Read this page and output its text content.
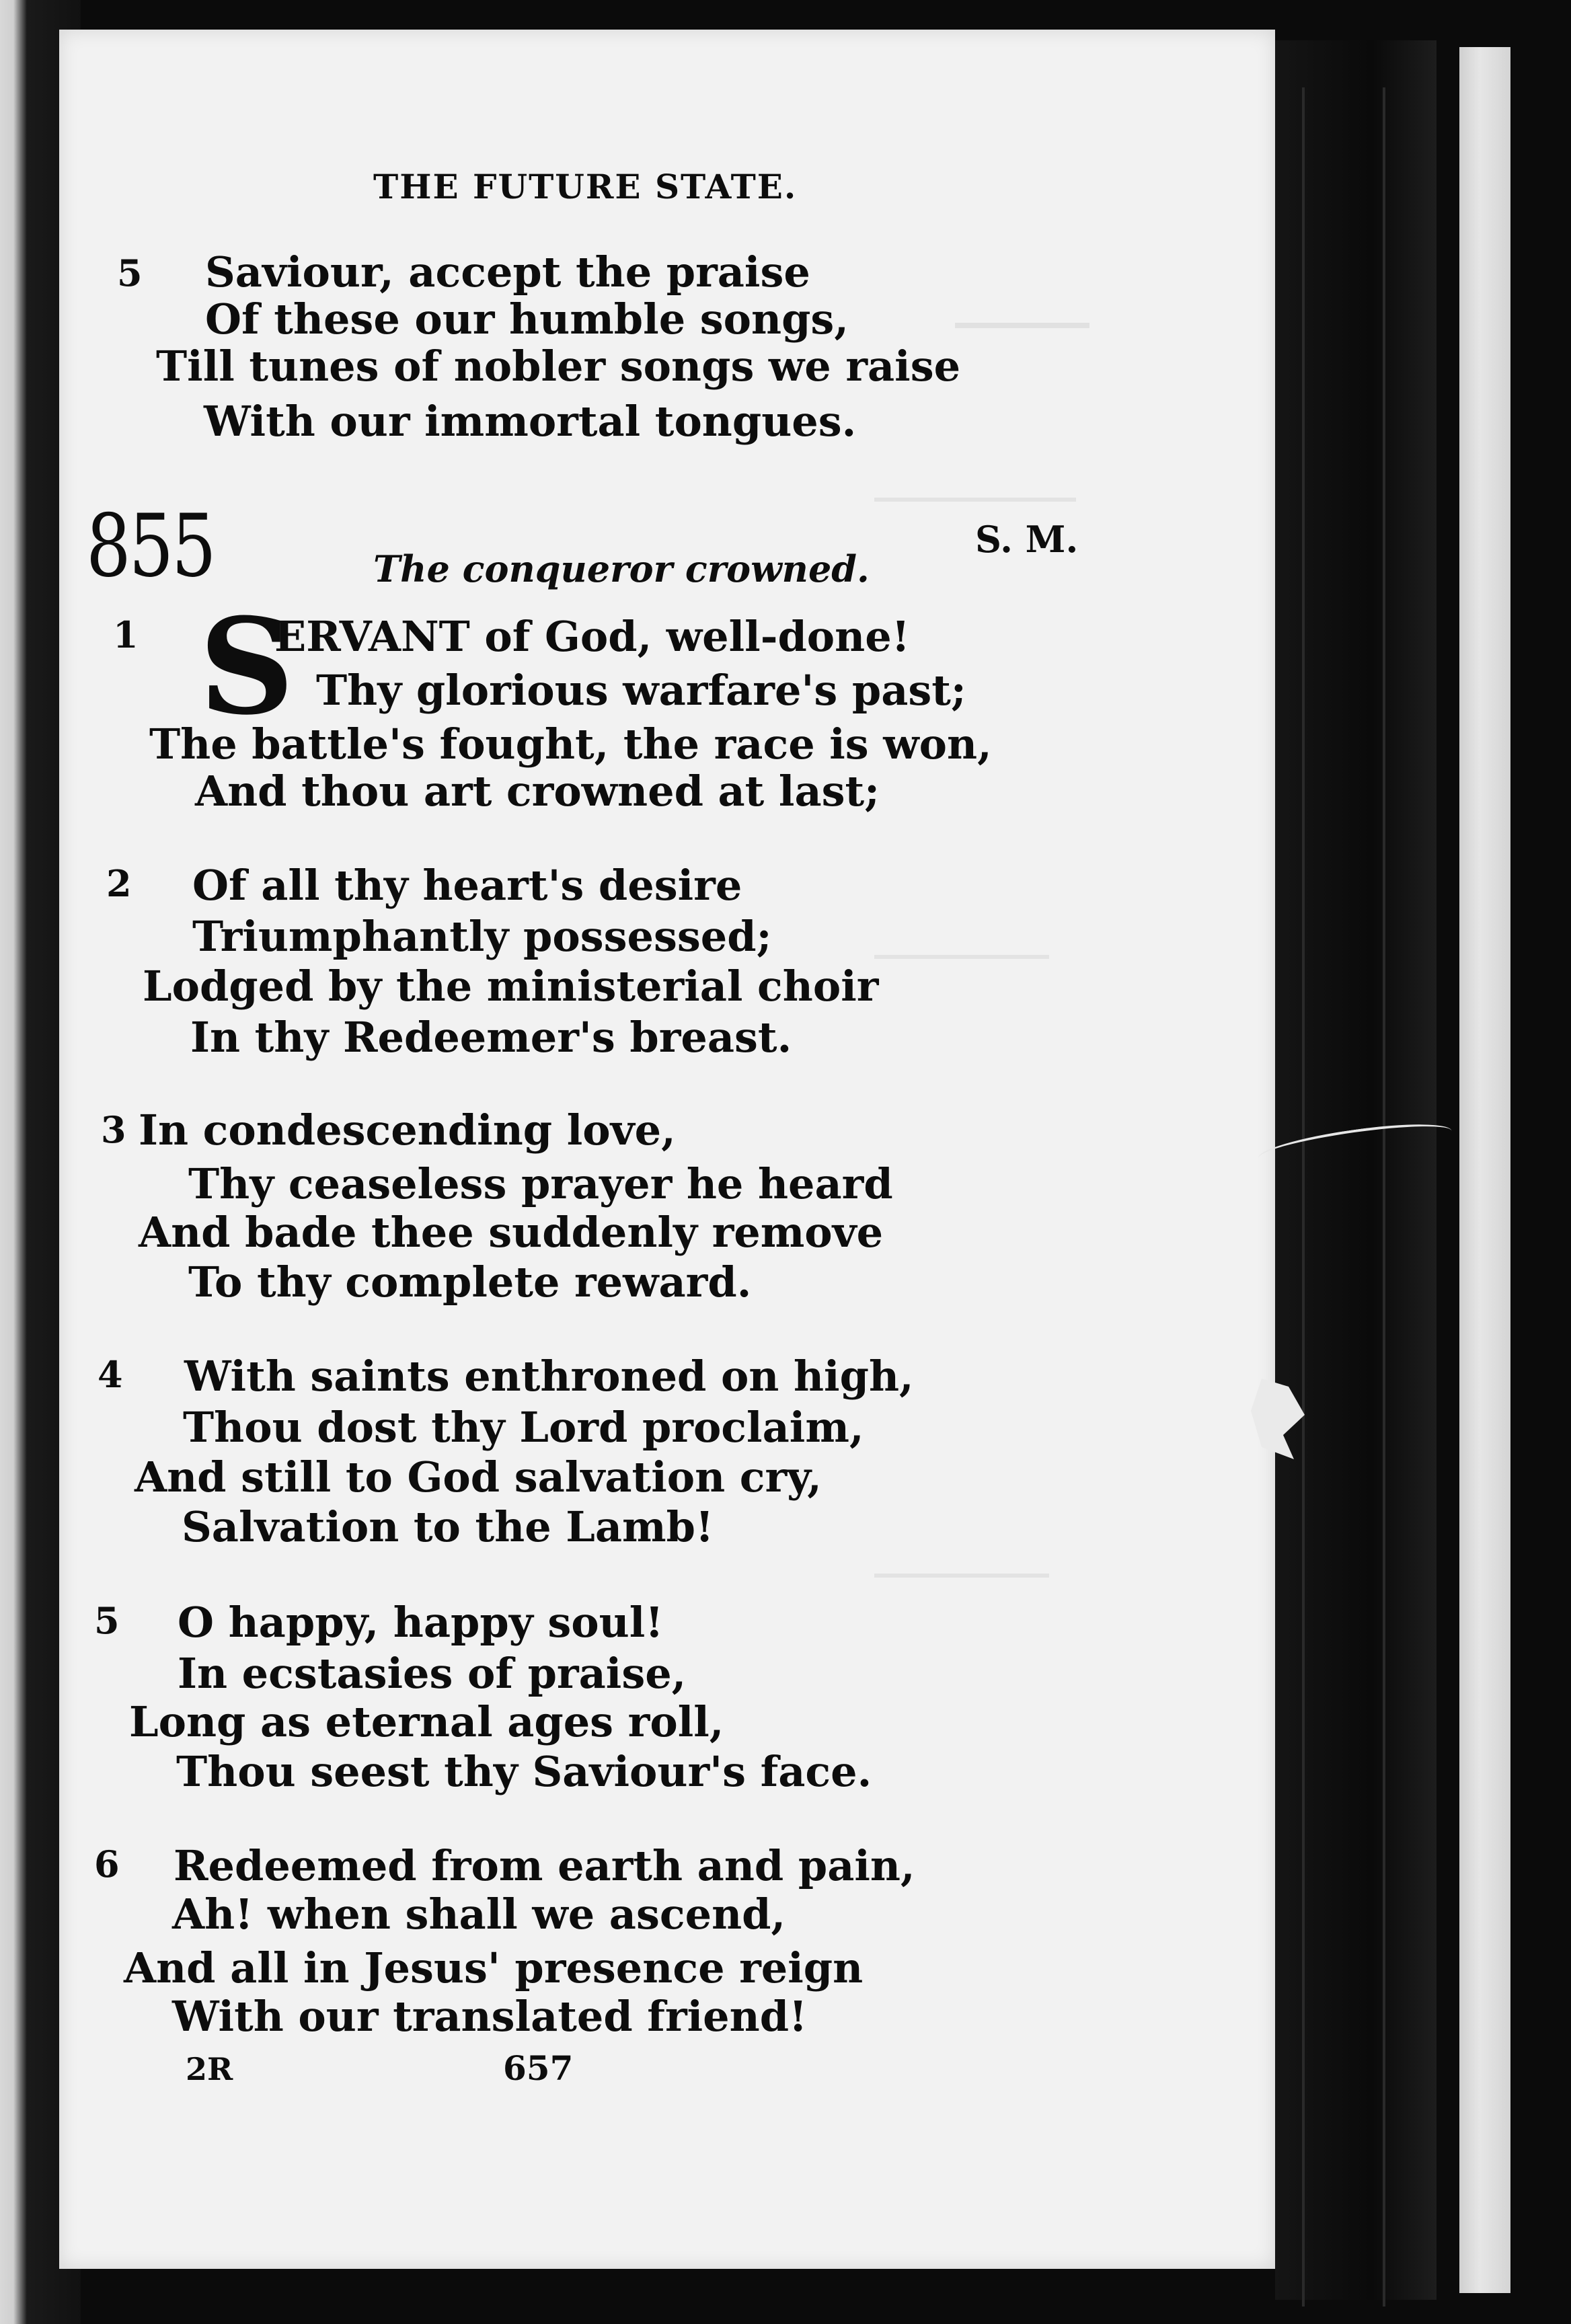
THE FUTURE STATE.
5 Saviour, accept the praise
Of these our humble songs,
Till tunes of nobler songs we raise
With our immortal tongues.
855	S. M.
The conqueror crowned.
1 S
ERVANT of God, well-done!
Thy glorious warfare's past;
The battle's fought, the race is won,
And thou art crowned at last;
2 Of all thy heart's desire
Triumphantly possessed;
Lodged by the ministerial choir
In thy Redeemer's breast.
3 In condescending love,
Thy ceaseless prayer he heard
And bade thee suddenly remove
To thy complete reward.
4 With saints enthroned on high,
Thou dost thy Lord proclaim,
And still to God salvation cry,
Salvation to the Lamb!
5 O happy, happy soul!
In ecstasies of praise,
Long as eternal ages roll,
Thou seest thy Saviour's face.
6 Redeemed from earth and pain,
Ah! when shall we ascend,
And all in Jesus' presence reign
With our translated friend!
2R	657
